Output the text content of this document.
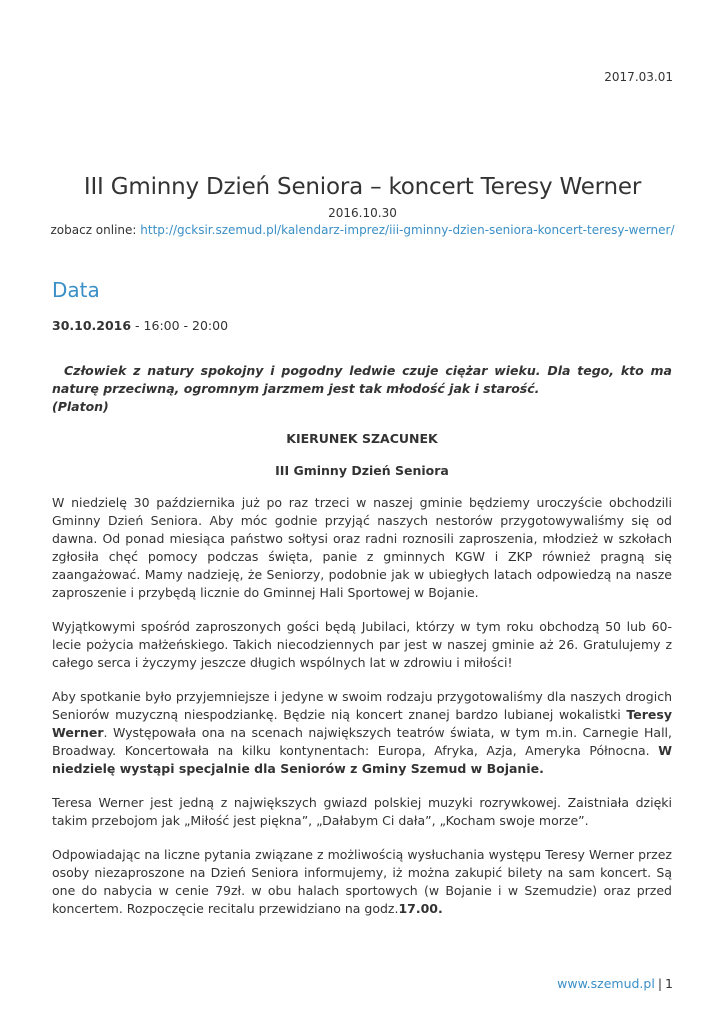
2017.03.01
III Gminny Dzień Seniora – koncert Teresy Werner
2016.10.30
zobacz online: http://gcksir.szemud.pl/kalendarz-imprez/iii-gminny-dzien-seniora-koncert-teresy-werner/
Data
30.10.2016 - 16:00 - 20:00

Człowiek z natury spokojny i pogodny ledwie czuje ciężar wieku. Dla tego, kto ma naturę przeciwną, ogromnym jarzmem jest tak młodość jak i starość.
(Platon)

KIERUNEK SZACUNEK

III Gminny Dzień Seniora

W niedzielę 30 października już po raz trzeci w naszej gminie będziemy uroczyście obchodzili Gminny Dzień Seniora. Aby móc godnie przyjąć naszych nestorów przygotowywaliśmy się od dawna. Od ponad miesiąca państwo sołtysi oraz radni roznosili zaproszenia, młodzież w szkołach zgłosiła chęć pomocy podczas święta, panie z gminnych KGW i ZKP również pragną się zaangażować. Mamy nadzieję, że Seniorzy, podobnie jak w ubiegłych latach odpowiedzą na nasze zaproszenie i przybędą licznie do Gminnej Hali Sportowej w Bojanie.

Wyjątkowymi spośród zaproszonych gości będą Jubilaci, którzy w tym roku obchodzą 50 lub 60- lecie pożycia małżeńskiego. Takich niecodziennych par jest w naszej gminie aż 26. Gratulujemy z całego serca i życzymy jeszcze długich wspólnych lat w zdrowiu i miłości!

Aby spotkanie było przyjemniejsze i jedyne w swoim rodzaju przygotowaliśmy dla naszych drogich Seniorów muzyczną niespodziankę. Będzie nią koncert znanej bardzo lubianej wokalistki Teresy Werner. Występowała ona na scenach największych teatrów świata, w tym m.in. Carnegie Hall, Broadway. Koncertowała na kilku kontynentach: Europa, Afryka, Azja, Ameryka Północna. W niedzielę wystąpi specjalnie dla Seniorów z Gminy Szemud w Bojanie.

Teresa Werner jest jedną z największych gwiazd polskiej muzyki rozrywkowej. Zaistniała dzięki takim przebojom jak „Miłość jest piękna”, „Dałabym Ci dała”, „Kocham swoje morze”.

Odpowiadając na liczne pytania związane z możliwością wysłuchania występu Teresy Werner przez osoby niezaproszone na Dzień Seniora informujemy, iż można zakupić bilety na sam koncert. Są one do nabycia w cenie 79zł. w obu halach sportowych (w Bojanie i w Szemudzie) oraz przed koncertem. Rozpoczęcie recitalu przewidziano na godz.17.00.

www.szemud.pl | 1
